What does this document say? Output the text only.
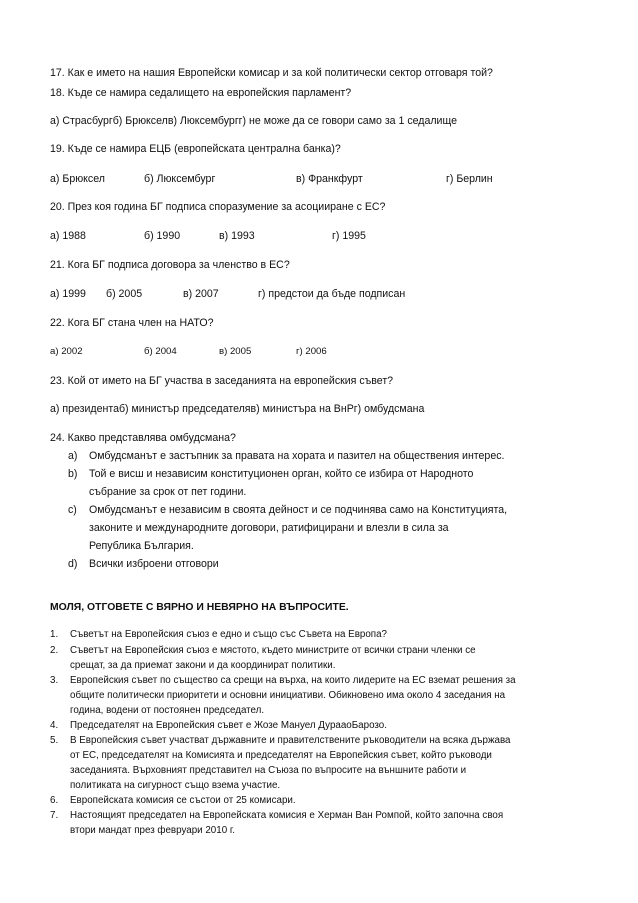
17. Как е името на нашия Европейски комисар и за кой политически сектор отговаря той?
18. Къде се намира седалището на европейския парламент?
а) Страсбургб) Брюкселв) Люксембургг) не може да се говори само за 1 седалище
19. Къде се намира ЕЦБ (европейската централна банка)?
а) Брюксел	б) Люксембург	в) Франкфурт	г) Берлин
20. През коя година БГ подписа споразумение за асоцииране с ЕС?
а) 1988	б) 1990	в) 1993	г) 1995
21. Кога БГ подписа договора за членство в ЕС?
а) 1999 б) 2005	в) 2007	г) предстои да бъде подписан
22. Кога БГ стана член на НАТО?
а) 2002	б) 2004	в) 2005	г) 2006
23. Кой от името на БГ участва в заседанията на европейския съвет?
а) президентаб) министър председателяв) министъра на ВнРг) омбудсмана
24. Какво представлява омбудсмана?
a) Омбудсманът е застъпник за правата на хората и пазител на обществения интерес.
b) Той е висш и независим конституционен орган, който се избира от Народното
събрание за срок от пет години.
c) Омбудсманът е независим в своята дейност и се подчинява само на Конституцията,
законите и международните договори, ратифицирани и влезли в сила за
Република България.
d) Всички изброени отговори
МОЛЯ, ОТГОВЕТЕ С ВЯРНО И НЕВЯРНО НА ВЪПРОСИТЕ.
1. Съветът на Европейския съюз е едно и също със Съвета на Европа?
2. Съветът на Европейския съюз е мястото, където министрите от всички страни членки се
срещат, за да приемат закони и да координират политики.
3. Европейския съвет по същество са срещи на върха, на които лидерите на ЕС вземат решения за
общите политически приоритети и основни инициативи. Обикновено има около 4 заседания на
година, водени от постоянен председател.
4. Председателят на Европейския съвет е Жозе Мануел ДурааоБарозо.
5. В Европейския съвет участват държавните и правителствените ръководители на всяка държава
от ЕС, председателят на Комисията и председателят на Европейския съвет, който ръководи
заседанията. Върховният представител на Съюза по въпросите на външните работи и
политиката на сигурност също взема участие.
6. Европейската комисия се състои от 25 комисари.
7. Настоящият председател на Европейската комисия е Херман Ван Ромпой, който започна своя
втори мандат през февруари 2010 г.
